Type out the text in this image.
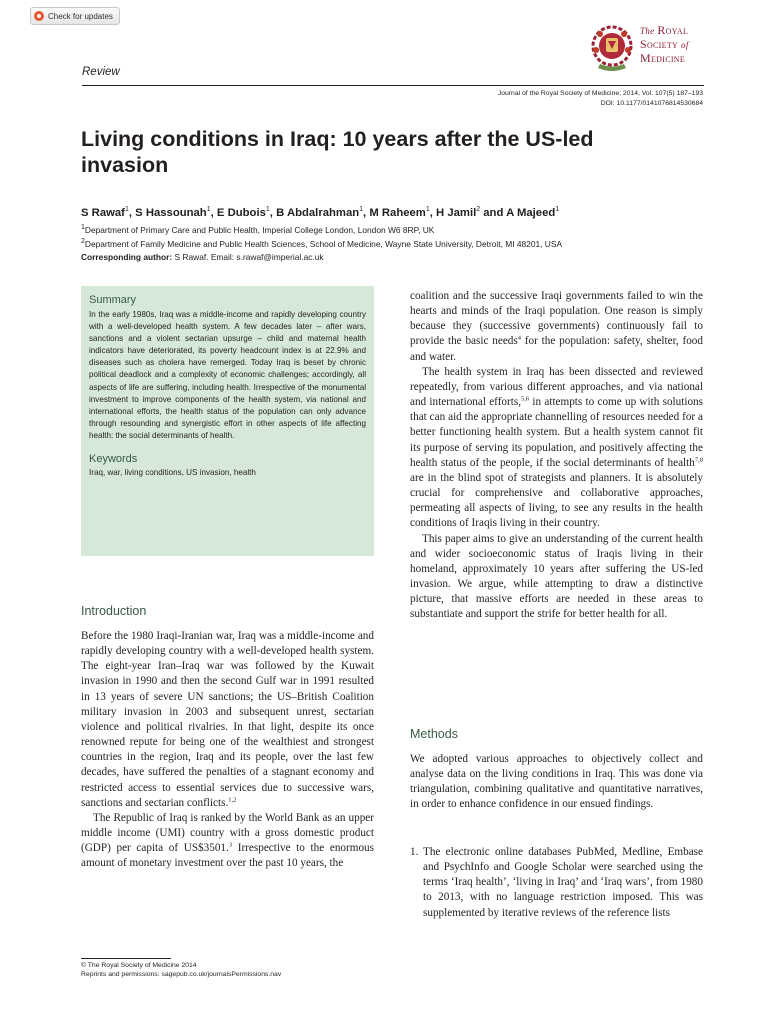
Check for updates
The Royal
Society of
Medicine
Review
Journal of the Royal Society of Medicine; 2014, Vol. 107(5) 187–193
DOI: 10.1177/0141076814530684
Living conditions in Iraq: 10 years after the US-led invasion
S Rawaf$^1$, S Hassounah$^1$, E Dubois$^1$, B Abdalrahman$^1$, M Raheem$^1$, H Jamil$^2$ and A Majeed$^1$
$^1$Department of Primary Care and Public Health, Imperial College London, London W6 8RP, UK
$^2$Department of Family Medicine and Public Health Sciences, School of Medicine, Wayne State University, Detroit, MI 48201, USA
Corresponding author: S Rawaf. Email: s.rawaf@imperial.ac.uk
Summary

In the early 1980s, Iraq was a middle-income and rapidly developing country with a well-developed health system. A few decades later – after wars, sanctions and a violent sectarian upsurge – child and maternal health indicators have deteriorated, its poverty headcount index is at 22.9% and diseases such as cholera have remerged. Today Iraq is beset by chronic political deadlock and a complexity of economic challenges; accordingly, all aspects of life are suffering, including health. Irrespective of the monumental investment to improve components of the health system, via national and international efforts, the health status of the population can only advance through resounding and synergistic effort in other aspects of life affecting health: the social determinants of health.

Keywords

Iraq, war, living conditions, US invasion, health

Introduction

Before the 1980 Iraqi-Iranian war, Iraq was a middle-income and rapidly developing country with a well-developed health system. The eight-year Iran–Iraq war was followed by the Kuwait invasion in 1990 and then the second Gulf war in 1991 resulted in 13 years of severe UN sanctions; the US–British Coalition military invasion in 2003 and subsequent unrest, sectarian violence and political rivalries. In that light, despite its once renowned repute for being one of the wealthiest and strongest countries in the region, Iraq and its people, over the last few decades, have suffered the penalties of a stagnant economy and restricted access to essential services due to successive wars, sanctions and sectarian conflicts.$^{1,2}$

The Republic of Iraq is ranked by the World Bank as an upper middle income (UMI) country with a gross domestic product (GDP) per capita of US$3501.$^3$ Irrespective to the enormous amount of monetary investment over the past 10 years, the

coalition and the successive Iraqi governments failed to win the hearts and minds of the Iraqi population. One reason is simply because they (successive governments) continuously fail to provide the basic needs$^4$ for the population: safety, shelter, food and water.

The health system in Iraq has been dissected and reviewed repeatedly, from various different approaches, and via national and international efforts,$^{5,6}$ in attempts to come up with solutions that can aid the appropriate channelling of resources needed for a better functioning health system. But a health system cannot fit its purpose of serving its population, and positively affecting the health status of the people, if the social determinants of health$^{7,8}$ are in the blind spot of strategists and planners. It is absolutely crucial for comprehensive and collaborative approaches, permeating all aspects of living, to see any results in the health conditions of Iraqis living in their country.

This paper aims to give an understanding of the current health and wider socioeconomic status of Iraqis living in their homeland, approximately 10 years after suffering the US-led invasion. We argue, while attempting to draw a distinctive picture, that massive efforts are needed in these areas to substantiate and support the strife for better health for all.

Methods
We adopted various approaches to objectively collect and analyse data on the living conditions in Iraq. This was done via triangulation, combining qualitative and quantitative narratives, in order to enhance confidence in our ensued findings.
1. The electronic online databases PubMed, Medline, Embase and PsychInfo and Google Scholar were searched using the terms ‘Iraq health’, ‘living in Iraq’ and ‘Iraq wars’, from 1980 to 2013, with no language restriction imposed. This was supplemented by iterative reviews of the reference lists
© The Royal Society of Medicine 2014
Reprints and permissions: sagepub.co.uk/journalsPermissions.nav
